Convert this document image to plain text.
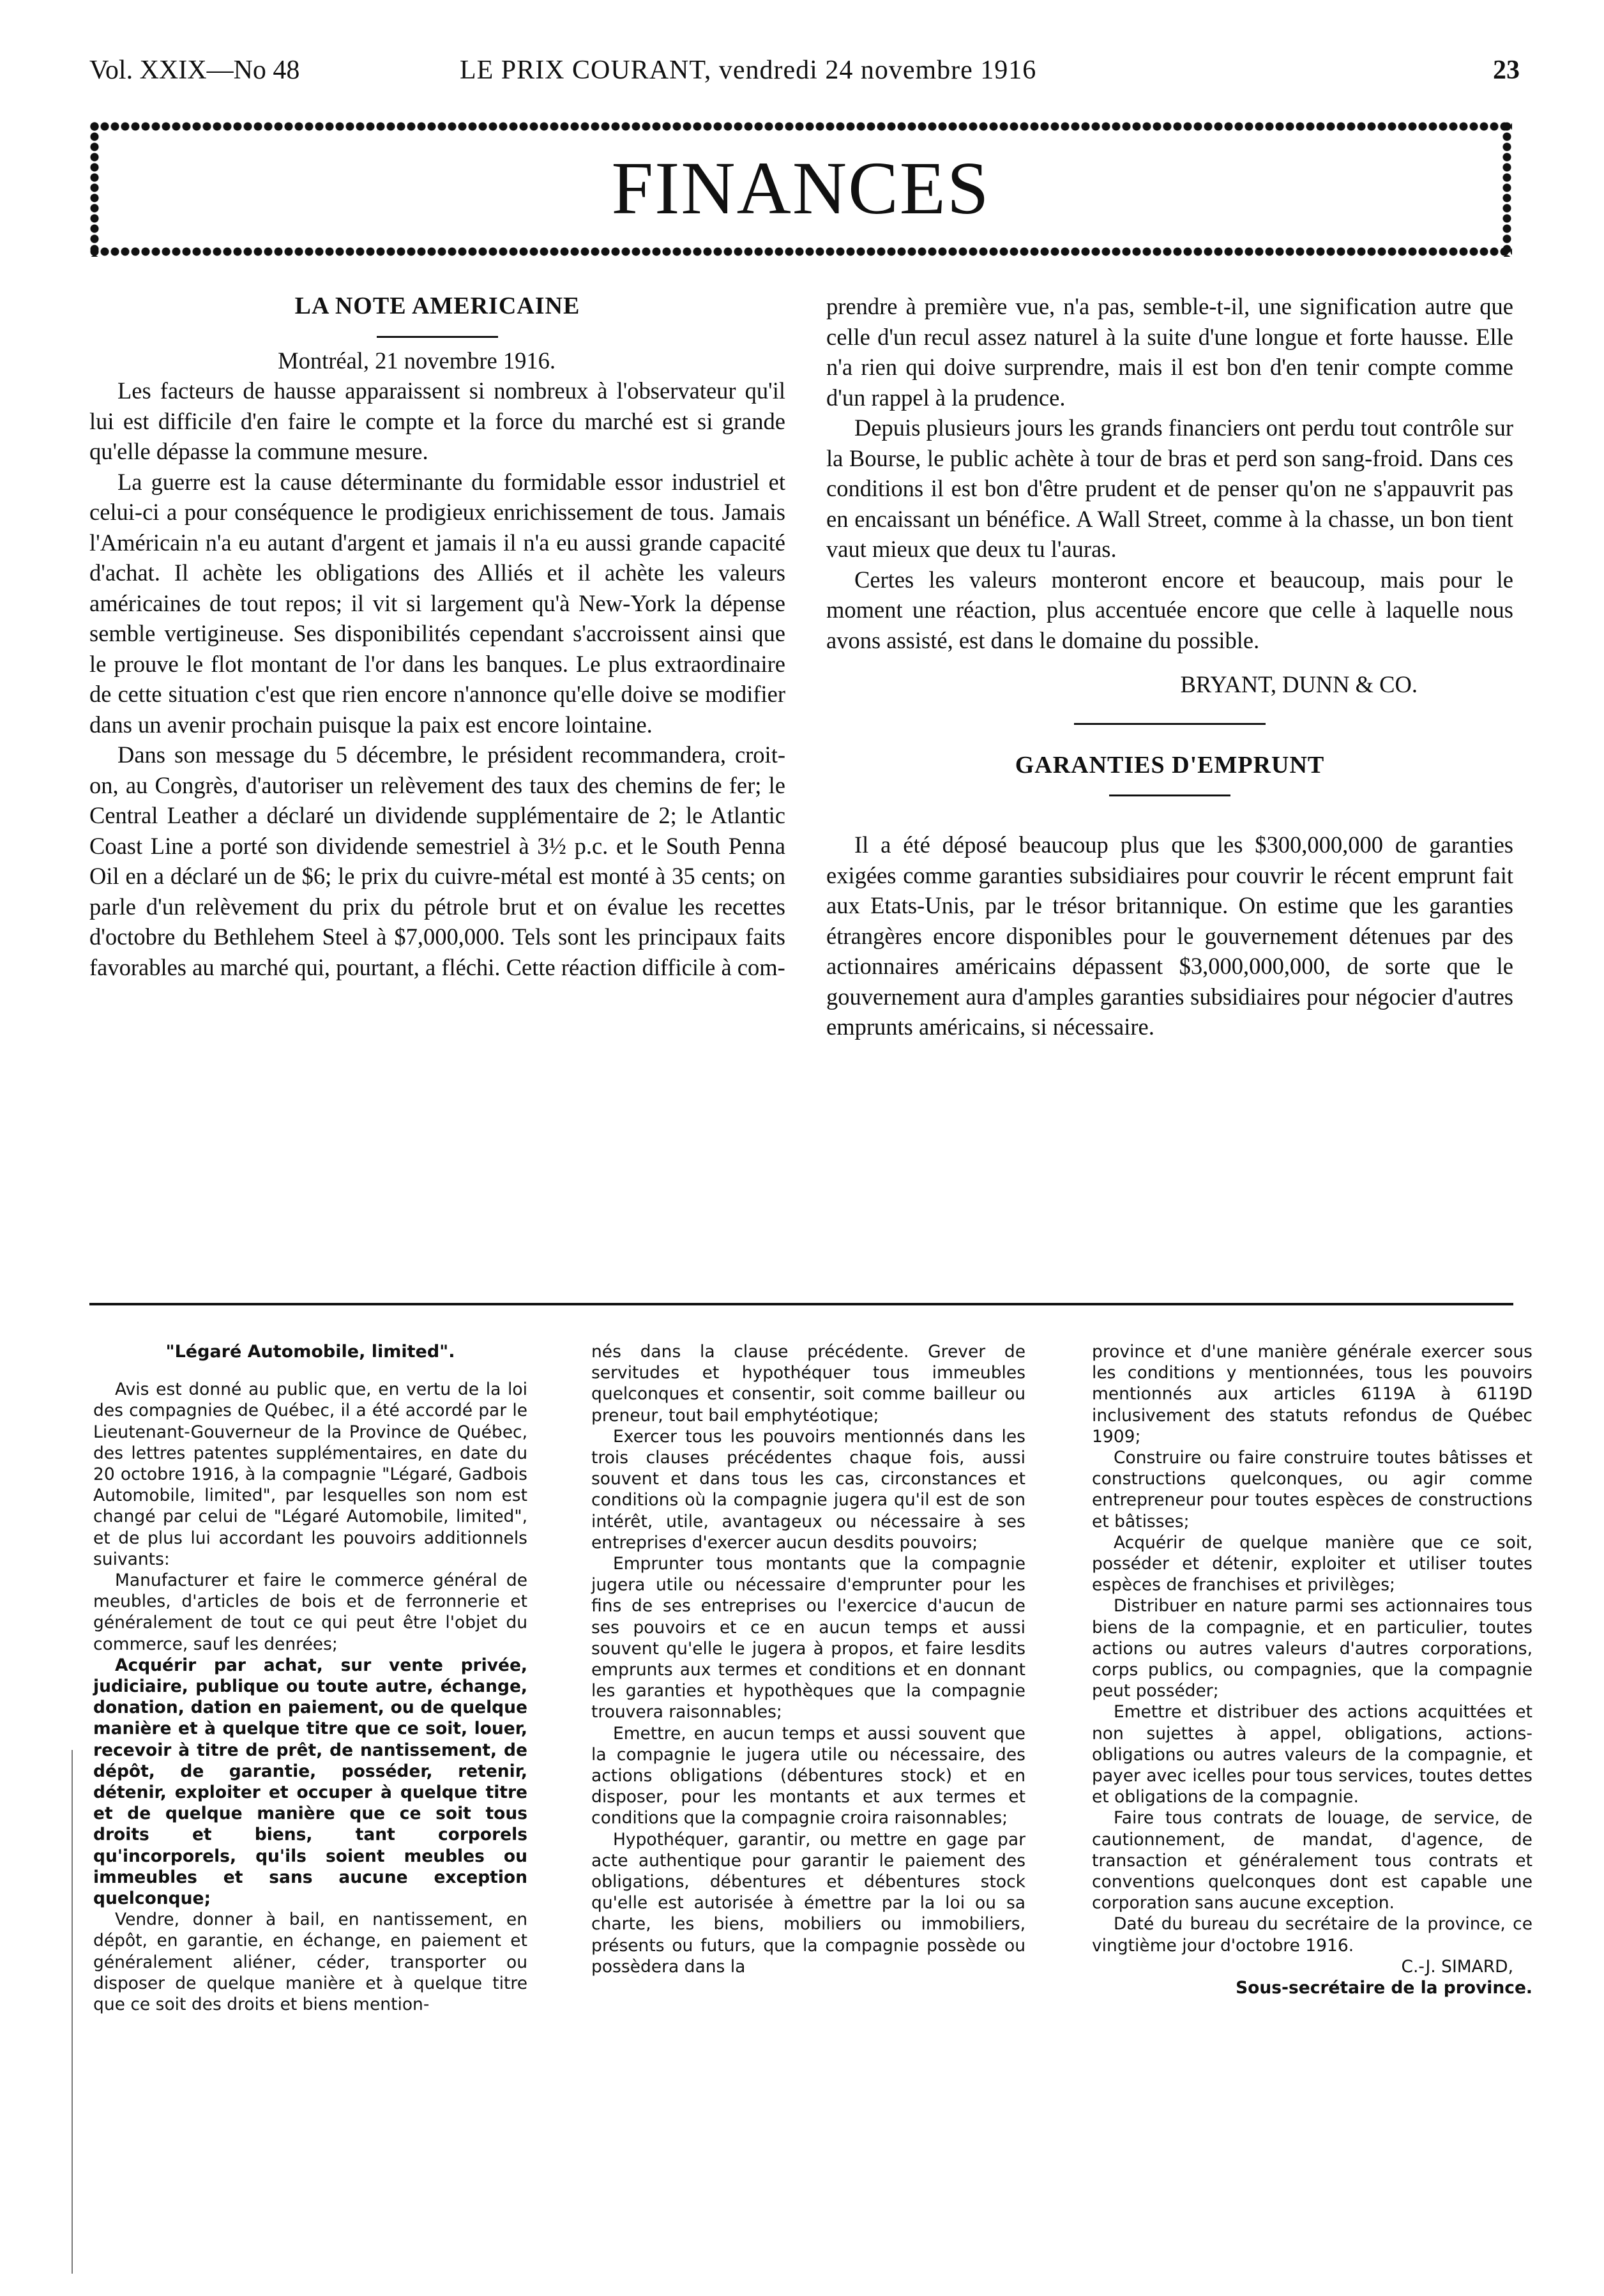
Vol. XXIX—No 48	LE PRIX COURANT, vendredi 24 novembre 1916	23
FINANCES
LA NOTE AMERICAINE

Montréal, 21 novembre 1916.

Les facteurs de hausse apparaissent si nombreux à l'observateur qu'il lui est difficile d'en faire le compte et la force du marché est si grande qu'elle dépasse la commune mesure.

La guerre est la cause déterminante du formidable essor industriel et celui-ci a pour conséquence le prodigieux enrichissement de tous. Jamais l'Américain n'a eu autant d'argent et jamais il n'a eu aussi grande capacité d'achat. Il achète les obligations des Alliés et il achète les valeurs américaines de tout repos; il vit si largement qu'à New-York la dépense semble vertigineuse. Ses disponibilités cependant s'accroissent ainsi que le prouve le flot montant de l'or dans les banques. Le plus extraordinaire de cette situation c'est que rien encore n'annonce qu'elle doive se modifier dans un avenir prochain puisque la paix est encore lointaine.

Dans son message du 5 décembre, le président recommandera, croit-on, au Congrès, d'autoriser un relèvement des taux des chemins de fer; le Central Leather a déclaré un dividende supplémentaire de 2; le Atlantic Coast Line a porté son dividende semestriel à 3½ p.c. et le South Penna Oil en a déclaré un de $6; le prix du cuivre-métal est monté à 35 cents; on parle d'un relèvement du prix du pétrole brut et on évalue les recettes d'octobre du Bethlehem Steel à $7,000,000. Tels sont les principaux faits favorables au marché qui, pourtant, a fléchi. Cette réaction difficile à com-

prendre à première vue, n'a pas, semble-t-il, une signification autre que celle d'un recul assez naturel à la suite d'une longue et forte hausse. Elle n'a rien qui doive surprendre, mais il est bon d'en tenir compte comme d'un rappel à la prudence.

Depuis plusieurs jours les grands financiers ont perdu tout contrôle sur la Bourse, le public achète à tour de bras et perd son sang-froid. Dans ces conditions il est bon d'être prudent et de penser qu'on ne s'appauvrit pas en encaissant un bénéfice. A Wall Street, comme à la chasse, un bon tient vaut mieux que deux tu l'auras.

Certes les valeurs monteront encore et beaucoup, mais pour le moment une réaction, plus accentuée encore que celle à laquelle nous avons assisté, est dans le domaine du possible.

BRYANT, DUNN & CO.

GARANTIES D'EMPRUNT

Il a été déposé beaucoup plus que les $300,000,000 de garanties exigées comme garanties subsidiaires pour couvrir le récent emprunt fait aux Etats-Unis, par le trésor britannique. On estime que les garanties étrangères encore disponibles pour le gouvernement détenues par des actionnaires américains dépassent $3,000,000,000, de sorte que le gouvernement aura d'amples garanties subsidiaires pour négocier d'autres emprunts américains, si nécessaire.

"Légaré Automobile, limited".

Avis est donné au public que, en vertu de la loi des compagnies de Québec, il a été accordé par le Lieutenant-Gouverneur de la Province de Québec, des lettres patentes supplémentaires, en date du 20 octobre 1916, à la compagnie "Légaré, Gadbois Automobile, limited", par lesquelles son nom est changé par celui de "Légaré Automobile, limited", et de plus lui accordant les pouvoirs additionnels suivants:

Manufacturer et faire le commerce général de meubles, d'articles de bois et de ferronnerie et généralement de tout ce qui peut être l'objet du commerce, sauf les denrées;

Acquérir par achat, sur vente privée, judiciaire, publique ou toute autre, échange, donation, dation en paiement, ou de quelque manière et à quelque titre que ce soit, louer, recevoir à titre de prêt, de nantissement, de dépôt, de garantie, posséder, retenir, détenir, exploiter et occuper à quelque titre et de quelque manière que ce soit tous droits et biens, tant corporels qu'incorporels, qu'ils soient meubles ou immeubles et sans aucune exception quelconque;

Vendre, donner à bail, en nantissement, en dépôt, en garantie, en échange, en paiement et généralement aliéner, céder, transporter ou disposer de quelque manière et à quelque titre que ce soit des droits et biens mention-

nés dans la clause précédente. Grever de servitudes et hypothéquer tous immeubles quelconques et consentir, soit comme bailleur ou preneur, tout bail emphytéotique;

Exercer tous les pouvoirs mentionnés dans les trois clauses précédentes chaque fois, aussi souvent et dans tous les cas, circonstances et conditions où la compagnie jugera qu'il est de son intérêt, utile, avantageux ou nécessaire à ses entreprises d'exercer aucun desdits pouvoirs;

Emprunter tous montants que la compagnie jugera utile ou nécessaire d'emprunter pour les fins de ses entreprises ou l'exercice d'aucun de ses pouvoirs et ce en aucun temps et aussi souvent qu'elle le jugera à propos, et faire lesdits emprunts aux termes et conditions et en donnant les garanties et hypothèques que la compagnie trouvera raisonnables;

Emettre, en aucun temps et aussi souvent que la compagnie le jugera utile ou nécessaire, des actions obligations (débentures stock) et en disposer, pour les montants et aux termes et conditions que la compagnie croira raisonnables;

Hypothéquer, garantir, ou mettre en gage par acte authentique pour garantir le paiement des obligations, débentures et débentures stock qu'elle est autorisée à émettre par la loi ou sa charte, les biens, mobiliers ou immobiliers, présents ou futurs, que la compagnie possède ou possèdera dans la

province et d'une manière générale exercer sous les conditions y mentionnées, tous les pouvoirs mentionnés aux articles 6119A à 6119D inclusivement des statuts refondus de Québec 1909;

Construire ou faire construire toutes bâtisses et constructions quelconques, ou agir comme entrepreneur pour toutes espèces de constructions et bâtisses;

Acquérir de quelque manière que ce soit, posséder et détenir, exploiter et utiliser toutes espèces de franchises et privilèges;

Distribuer en nature parmi ses actionnaires tous biens de la compagnie, et en particulier, toutes actions ou autres valeurs d'autres corporations, corps publics, ou compagnies, que la compagnie peut posséder;

Emettre et distribuer des actions acquittées et non sujettes à appel, obligations, actions-obligations ou autres valeurs de la compagnie, et payer avec icelles pour tous services, toutes dettes et obligations de la compagnie.

Faire tous contrats de louage, de service, de cautionnement, de mandat, d'agence, de transaction et généralement tous contrats et conventions quelconques dont est capable une corporation sans aucune exception.

Daté du bureau du secrétaire de la province, ce vingtième jour d'octobre 1916.

C.-J. SIMARD,

Sous-secrétaire de la province.
